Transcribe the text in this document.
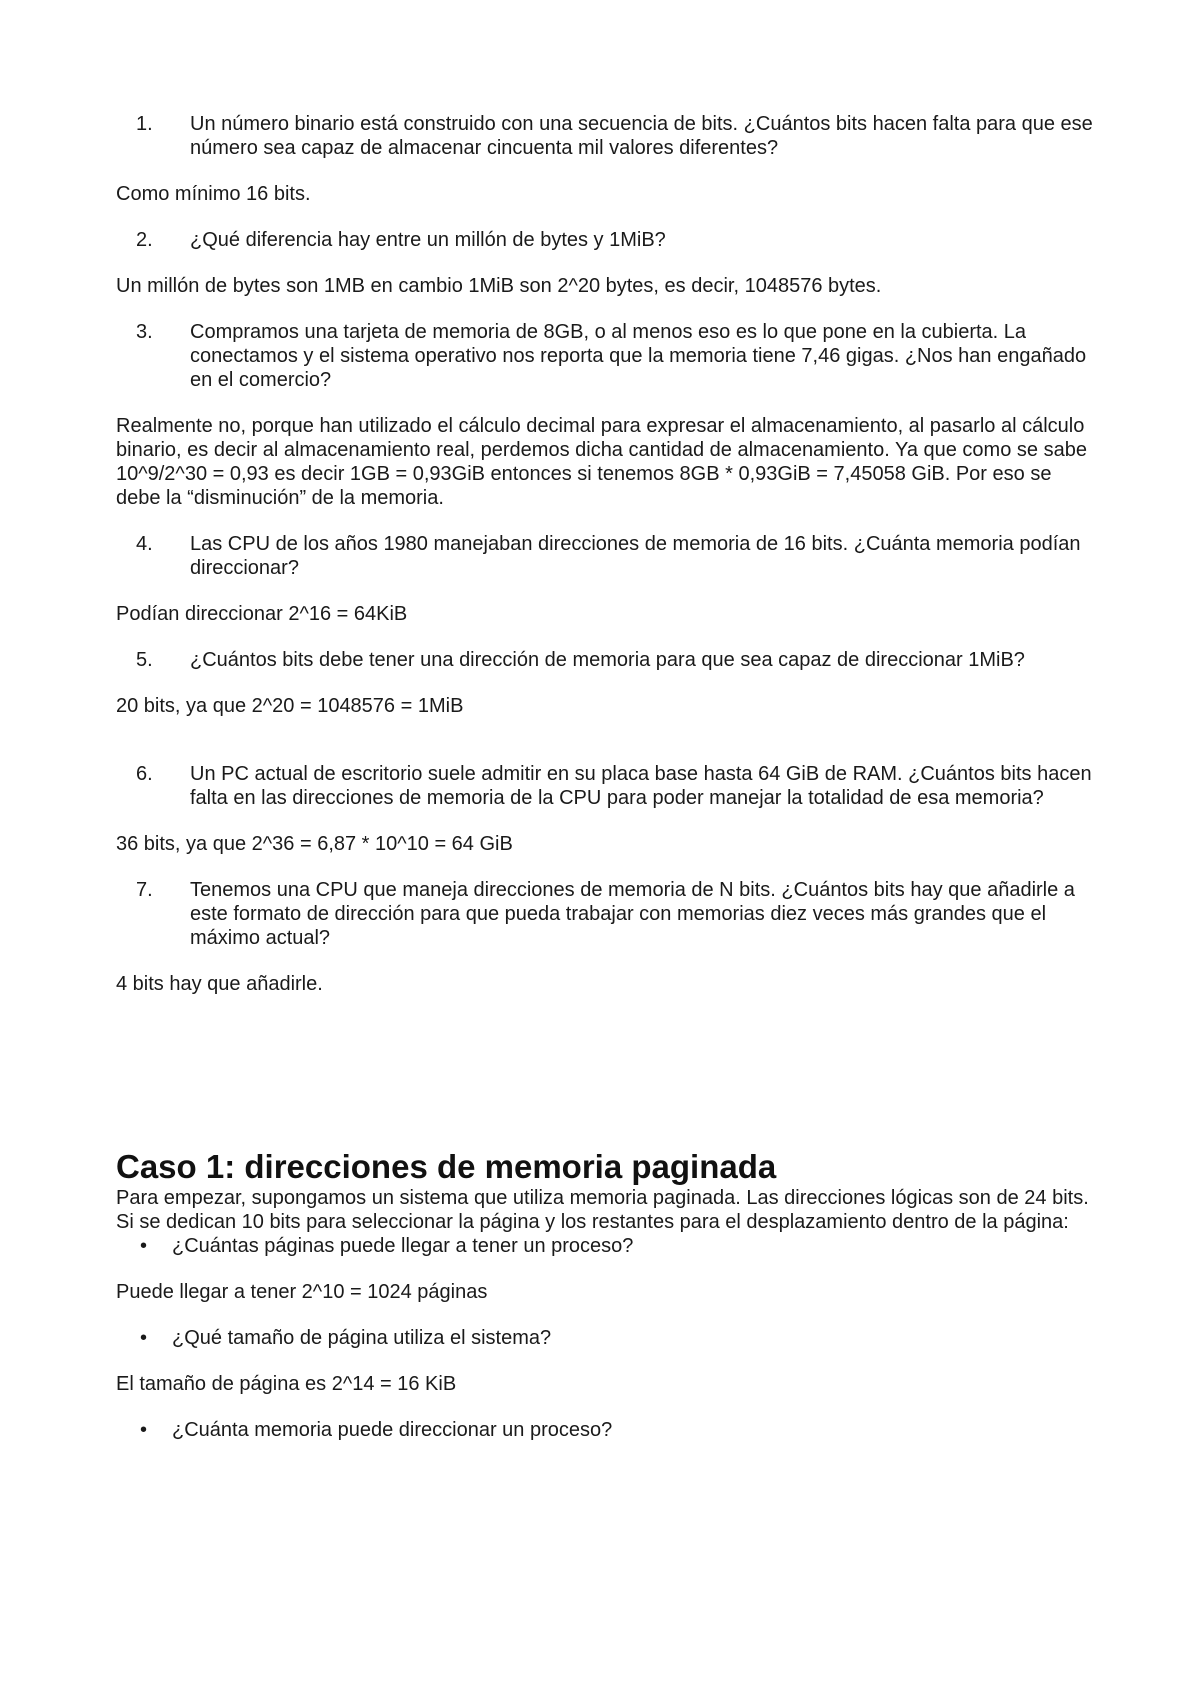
1.	Un número binario está construido con una secuencia de bits. ¿Cuántos bits hacen falta para que ese número sea capaz de almacenar cincuenta mil valores diferentes?

Como mínimo 16 bits.

2.	¿Qué diferencia hay entre un millón de bytes y 1MiB?

Un millón de bytes son 1MB en cambio 1MiB son 2^20 bytes, es decir, 1048576 bytes.

3.	Compramos una tarjeta de memoria de 8GB, o al menos eso es lo que pone en la cubierta. La conectamos y el sistema operativo nos reporta que la memoria tiene 7,46 gigas. ¿Nos han engañado en el comercio?

Realmente no, porque han utilizado el cálculo decimal para expresar el almacenamiento, al pasarlo al cálculo binario, es decir al almacenamiento real, perdemos dicha cantidad de almacenamiento. Ya que como se sabe 10^9/2^30 = 0,93 es decir 1GB = 0,93GiB entonces si tenemos 8GB * 0,93GiB = 7,45058 GiB. Por eso se debe la “disminución” de la memoria.

4.	Las CPU de los años 1980 manejaban direcciones de memoria de 16 bits. ¿Cuánta memoria podían direccionar?

Podían direccionar 2^16 = 64KiB

5.	¿Cuántos bits debe tener una dirección de memoria para que sea capaz de direccionar 1MiB?

20 bits, ya que 2^20 = 1048576 = 1MiB

6.	Un PC actual de escritorio suele admitir en su placa base hasta 64 GiB de RAM. ¿Cuántos bits hacen falta en las direcciones de memoria de la CPU para poder manejar la totalidad de esa memoria?

36 bits, ya que 2^36 = 6,87 * 10^10 = 64 GiB

7.	Tenemos una CPU que maneja direcciones de memoria de N bits. ¿Cuántos bits hay que añadirle a este formato de dirección para que pueda trabajar con memorias diez veces más grandes que el máximo actual?

4 bits hay que añadirle.

Caso 1: direcciones de memoria paginada

Para empezar, supongamos un sistema que utiliza memoria paginada. Las direcciones lógicas son de 24 bits. Si se dedican 10 bits para seleccionar la página y los restantes para el desplazamiento dentro de la página:

•	¿Cuántas páginas puede llegar a tener un proceso?

Puede llegar a tener 2^10 = 1024 páginas

•	¿Qué tamaño de página utiliza el sistema?

El tamaño de página es 2^14 = 16 KiB

•	¿Cuánta memoria puede direccionar un proceso?
